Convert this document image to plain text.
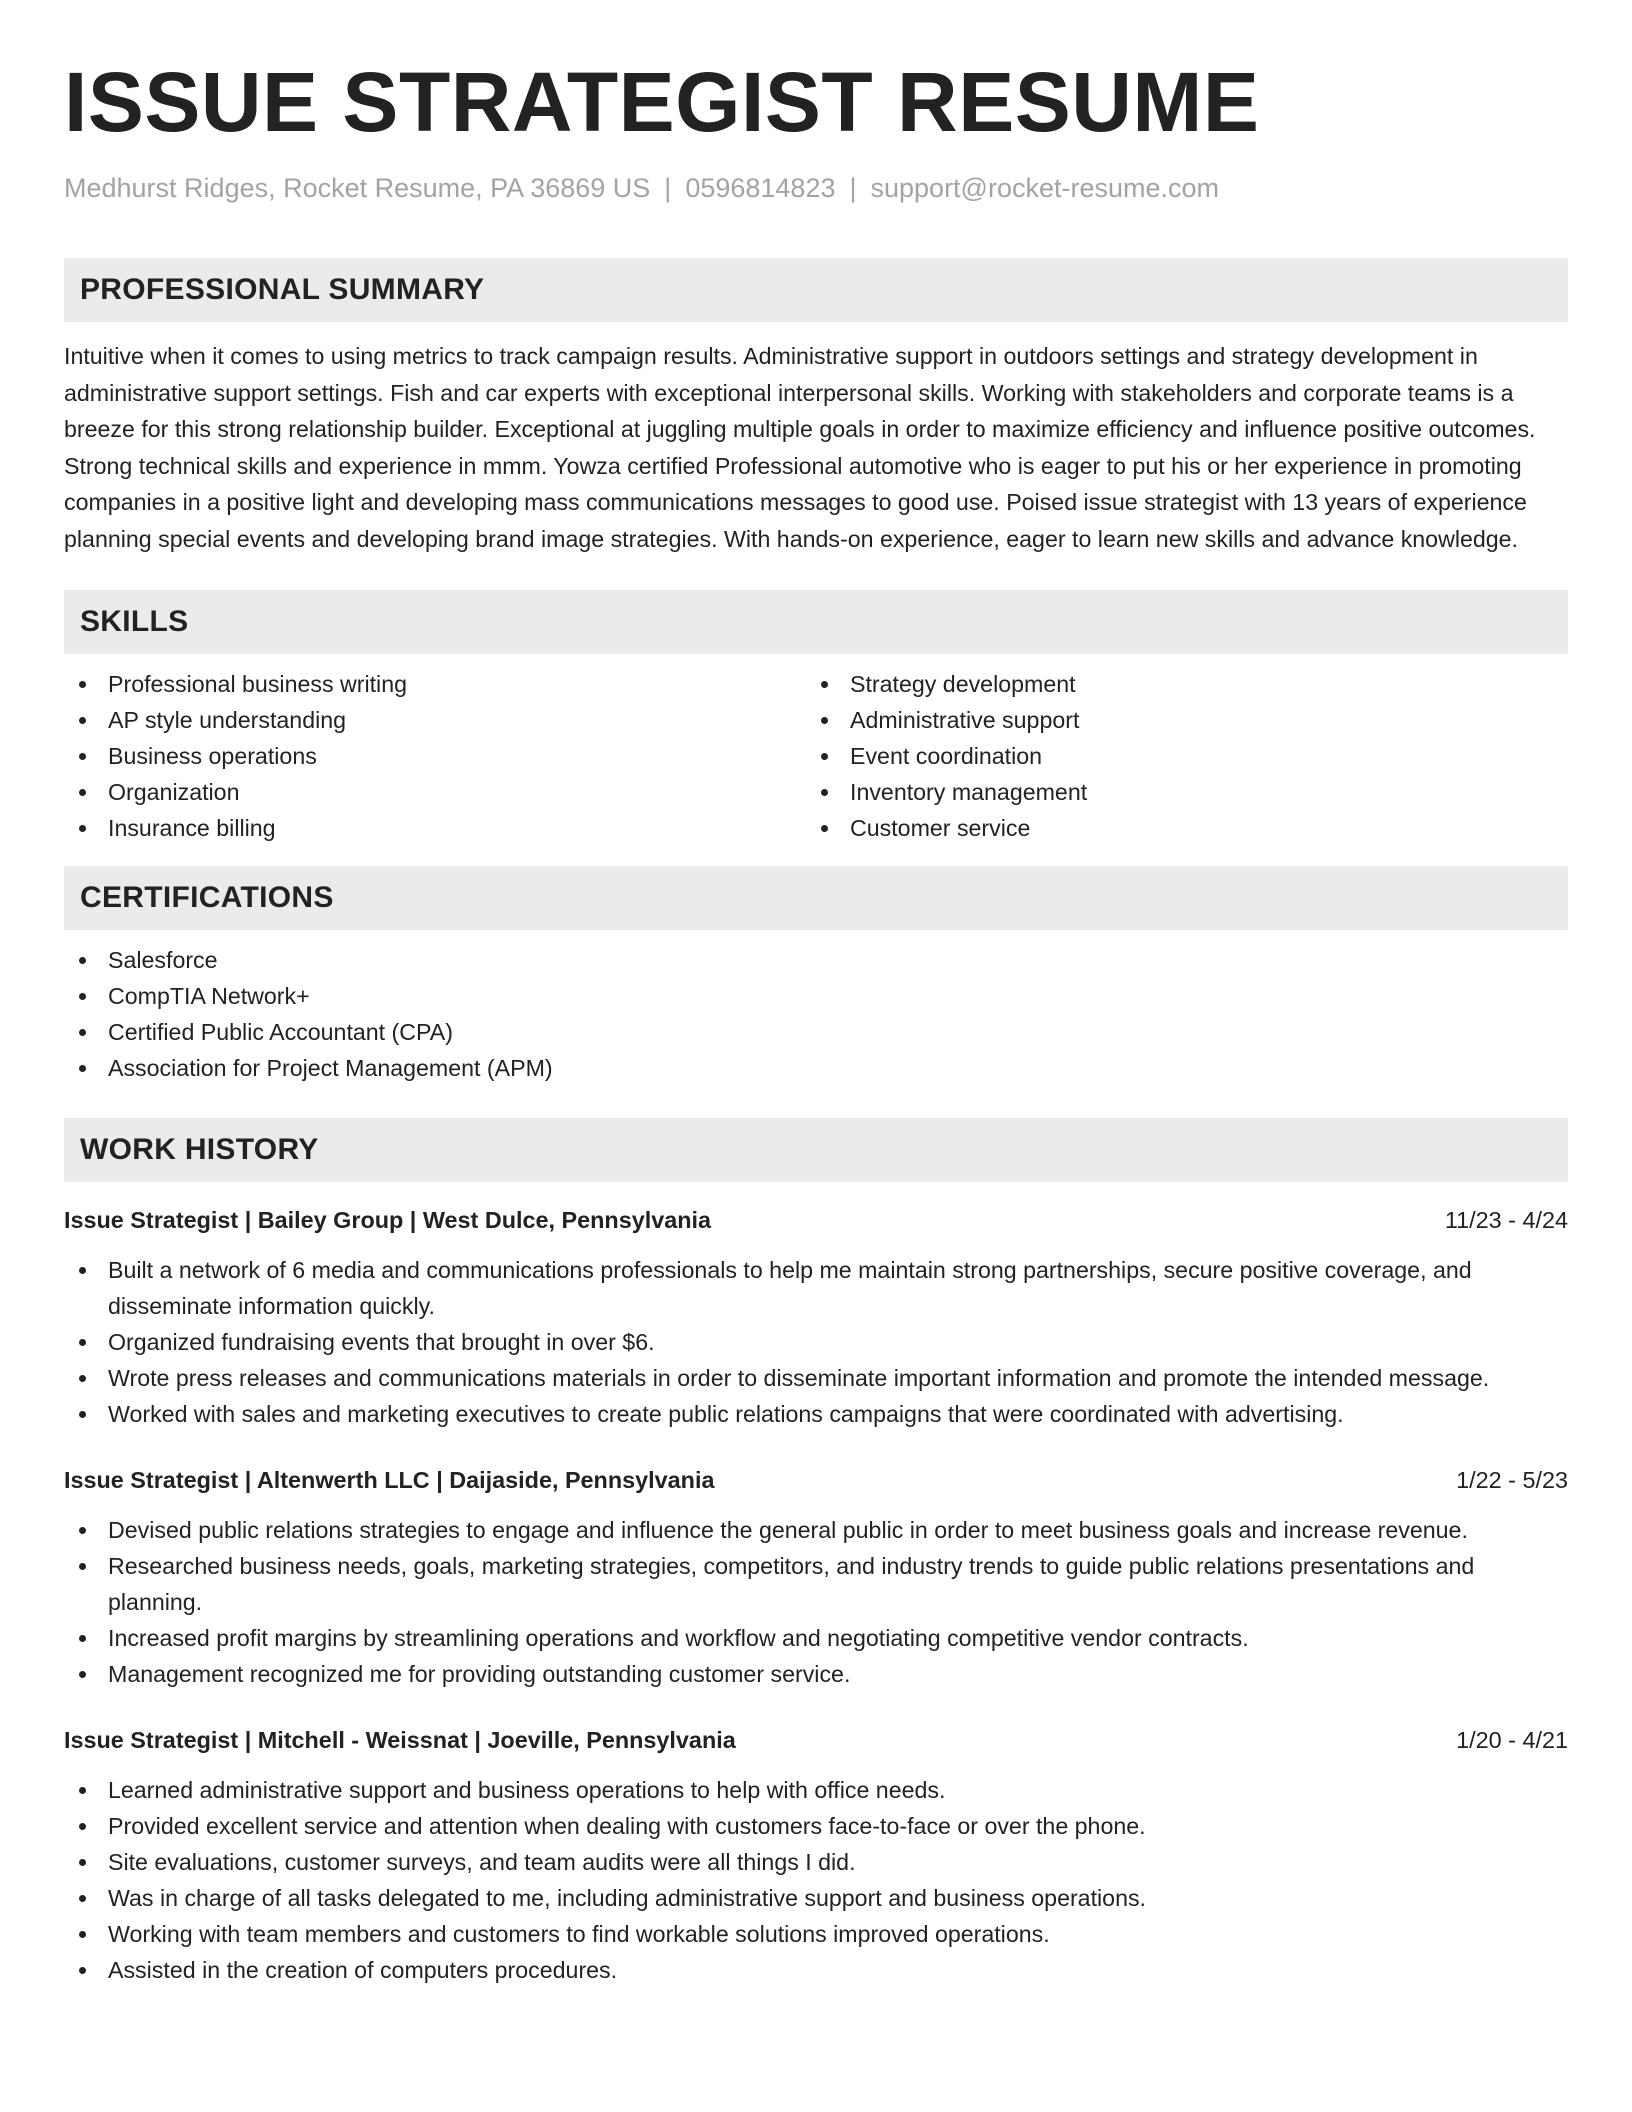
ISSUE STRATEGIST RESUME
Medhurst Ridges, Rocket Resume, PA 36869 US | 0596814823 | support@rocket-resume.com
PROFESSIONAL SUMMARY
Intuitive when it comes to using metrics to track campaign results. Administrative support in outdoors settings and strategy development in administrative support settings. Fish and car experts with exceptional interpersonal skills. Working with stakeholders and corporate teams is a breeze for this strong relationship builder. Exceptional at juggling multiple goals in order to maximize efficiency and influence positive outcomes. Strong technical skills and experience in mmm. Yowza certified Professional automotive who is eager to put his or her experience in promoting companies in a positive light and developing mass communications messages to good use. Poised issue strategist with 13 years of experience planning special events and developing brand image strategies. With hands-on experience, eager to learn new skills and advance knowledge.
SKILLS
Professional business writing
AP style understanding
Business operations
Organization
Insurance billing
Strategy development
Administrative support
Event coordination
Inventory management
Customer service
CERTIFICATIONS
Salesforce
CompTIA Network+
Certified Public Accountant (CPA)
Association for Project Management (APM)
WORK HISTORY
Issue Strategist | Bailey Group | West Dulce, Pennsylvania	11/23 - 4/24
Built a network of 6 media and communications professionals to help me maintain strong partnerships, secure positive coverage, and disseminate information quickly.
Organized fundraising events that brought in over $6.
Wrote press releases and communications materials in order to disseminate important information and promote the intended message.
Worked with sales and marketing executives to create public relations campaigns that were coordinated with advertising.
Issue Strategist | Altenwerth LLC | Daijaside, Pennsylvania	1/22 - 5/23
Devised public relations strategies to engage and influence the general public in order to meet business goals and increase revenue.
Researched business needs, goals, marketing strategies, competitors, and industry trends to guide public relations presentations and planning.
Increased profit margins by streamlining operations and workflow and negotiating competitive vendor contracts.
Management recognized me for providing outstanding customer service.
Issue Strategist | Mitchell - Weissnat | Joeville, Pennsylvania	1/20 - 4/21
Learned administrative support and business operations to help with office needs.
Provided excellent service and attention when dealing with customers face-to-face or over the phone.
Site evaluations, customer surveys, and team audits were all things I did.
Was in charge of all tasks delegated to me, including administrative support and business operations.
Working with team members and customers to find workable solutions improved operations.
Assisted in the creation of computers procedures.
